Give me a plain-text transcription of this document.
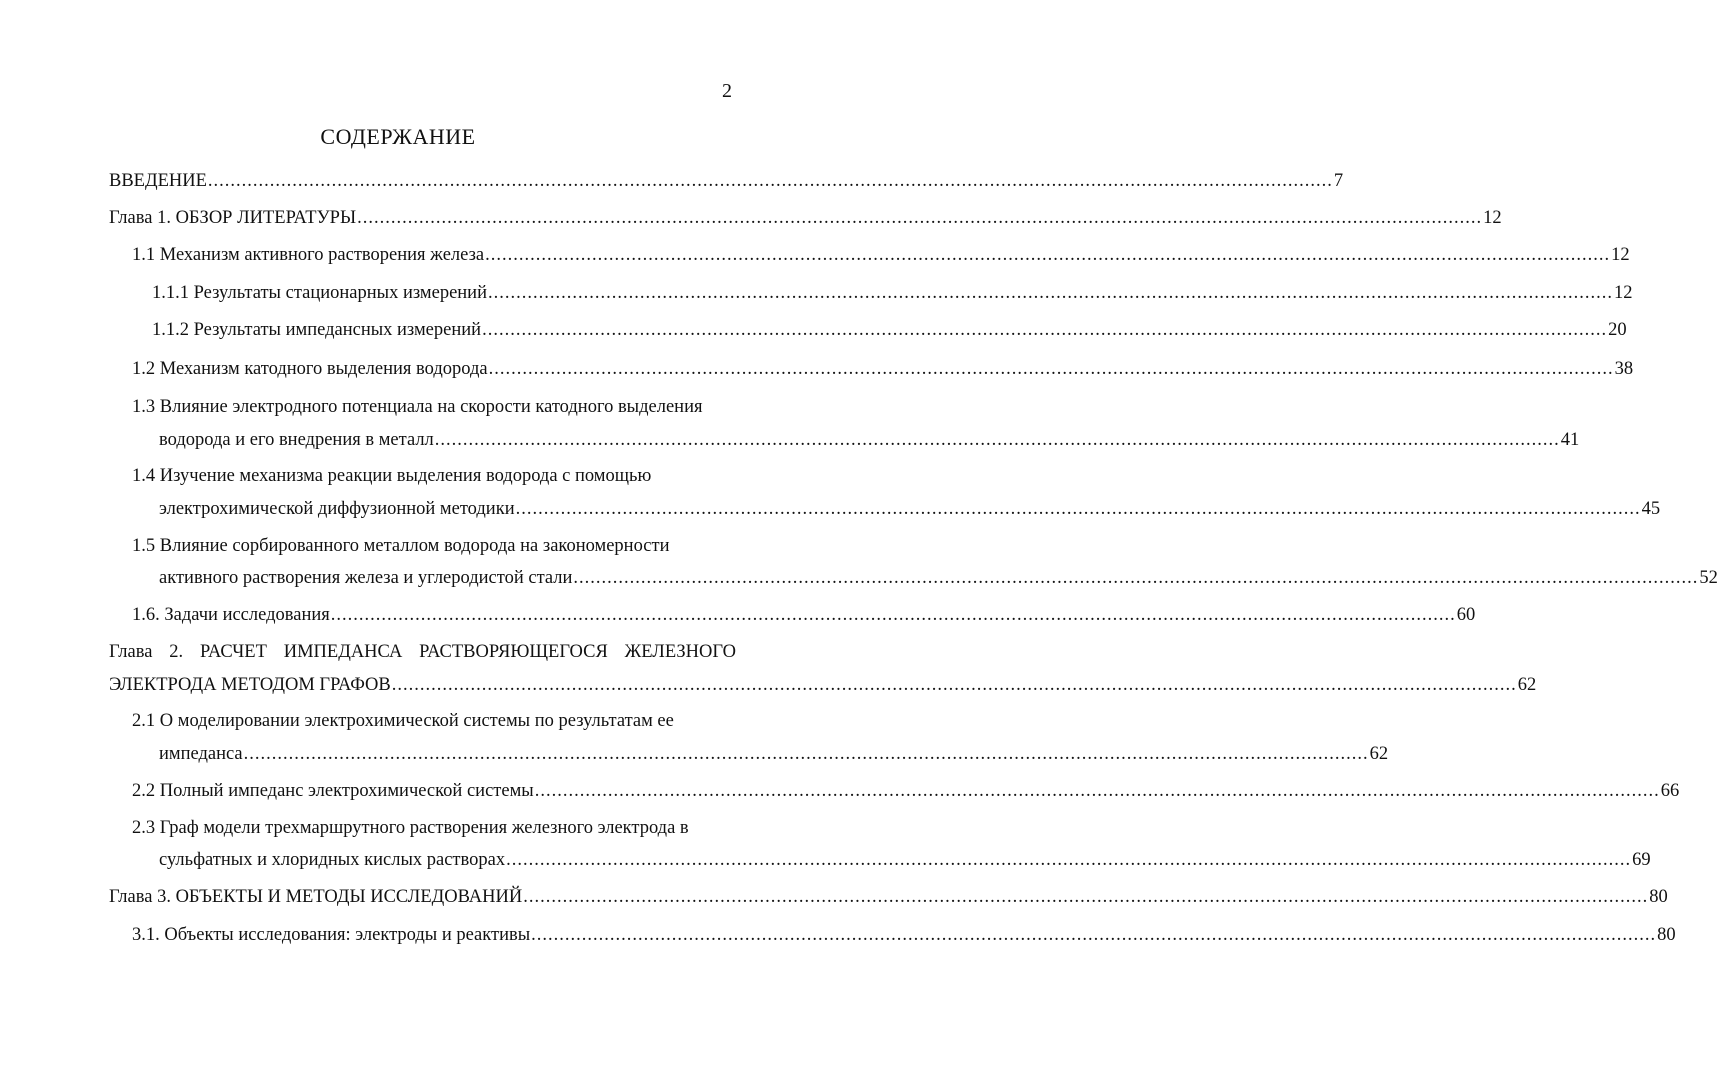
2
СОДЕРЖАНИЕ
ВВЕДЕНИЕ ........................................................................................................................................................................................................ 7
Глава 1. ОБЗОР ЛИТЕРАТУРЫ ........................................................................................................................................................................................................ 12
1.1 Механизм активного растворения железа ........................................................................................................................................................................................................ 12
1.1.1 Результаты стационарных измерений ........................................................................................................................................................................................................ 12
1.1.2 Результаты импедансных измерений ........................................................................................................................................................................................................ 20
1.2 Механизм катодного выделения водорода ........................................................................................................................................................................................................ 38
1.3 Влияние электродного потенциала на скорости катодного выделения
водорода и его внедрения в металл ........................................................................................................................................................................................................ 41
1.4 Изучение механизма реакции выделения водорода с помощью
электрохимической диффузионной методики ........................................................................................................................................................................................................ 45
1.5 Влияние сорбированного металлом водорода на закономерности
активного растворения железа и углеродистой стали ........................................................................................................................................................................................................ 52
1.6. Задачи исследования ........................................................................................................................................................................................................ 60
Глава 2. РАСЧЕТ ИМПЕДАНСА РАСТВОРЯЮЩЕГОСЯ ЖЕЛЕЗНОГО
ЭЛЕКТРОДА МЕТОДОМ ГРАФОВ ........................................................................................................................................................................................................ 62
2.1 О моделировании электрохимической системы по результатам ее
импеданса ........................................................................................................................................................................................................ 62
2.2 Полный импеданс электрохимической системы ........................................................................................................................................................................................................ 66
2.3 Граф модели трехмаршрутного растворения железного электрода в
сульфатных и хлоридных кислых растворах ........................................................................................................................................................................................................ 69
Глава 3. ОБЪЕКТЫ И МЕТОДЫ ИССЛЕДОВАНИЙ ........................................................................................................................................................................................................ 80
3.1. Объекты исследования: электроды и реактивы ........................................................................................................................................................................................................ 80
